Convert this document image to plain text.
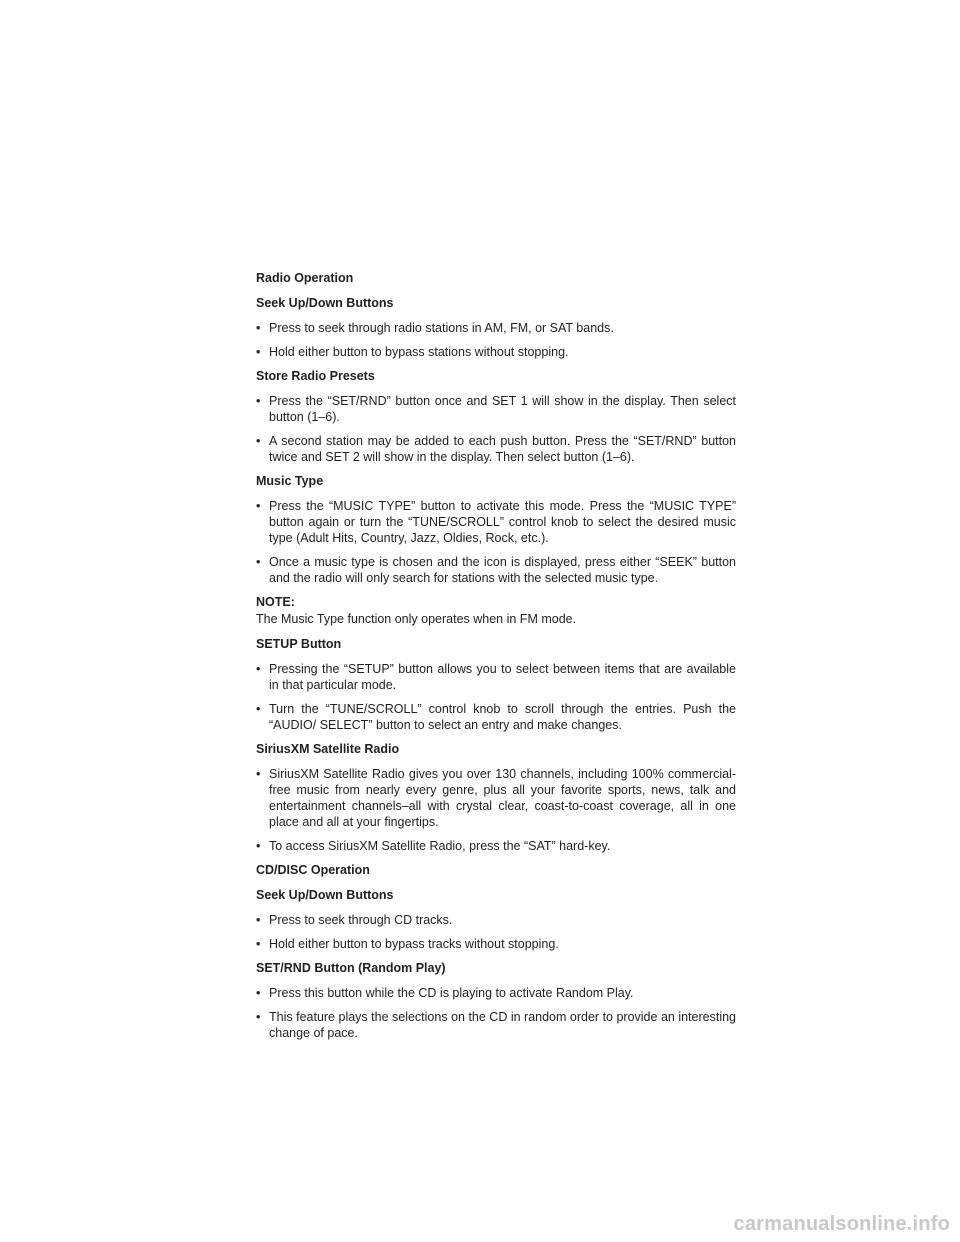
Radio Operation
Seek Up/Down Buttons
• Press to seek through radio stations in AM, FM, or SAT bands.
• Hold either button to bypass stations without stopping.
Store Radio Presets
• Press the “SET/RND” button once and SET 1 will show in the display. Then select button (1–6).
• A second station may be added to each push button. Press the “SET/RND” button twice and SET 2 will show in the display. Then select button (1–6).
Music Type
• Press the “MUSIC TYPE” button to activate this mode. Press the “MUSIC TYPE” button again or turn the “TUNE/SCROLL” control knob to select the desired music type (Adult Hits, Country, Jazz, Oldies, Rock, etc.).
• Once a music type is chosen and the icon is displayed, press either “SEEK” button and the radio will only search for stations with the selected music type.
NOTE:
The Music Type function only operates when in FM mode.
SETUP Button
• Pressing the “SETUP” button allows you to select between items that are available in that particular mode.
• Turn the “TUNE/SCROLL” control knob to scroll through the entries. Push the “AUDIO/ SELECT” button to select an entry and make changes.
SiriusXM Satellite Radio
• SiriusXM Satellite Radio gives you over 130 channels, including 100% commercial-free music from nearly every genre, plus all your favorite sports, news, talk and entertainment channels–all with crystal clear, coast-to-coast coverage, all in one place and all at your fingertips.
• To access SiriusXM Satellite Radio, press the “SAT” hard-key.
CD/DISC Operation
Seek Up/Down Buttons
• Press to seek through CD tracks.
• Hold either button to bypass tracks without stopping.
SET/RND Button (Random Play)
• Press this button while the CD is playing to activate Random Play.
• This feature plays the selections on the CD in random order to provide an interesting change of pace.
carmanualsonline.info
